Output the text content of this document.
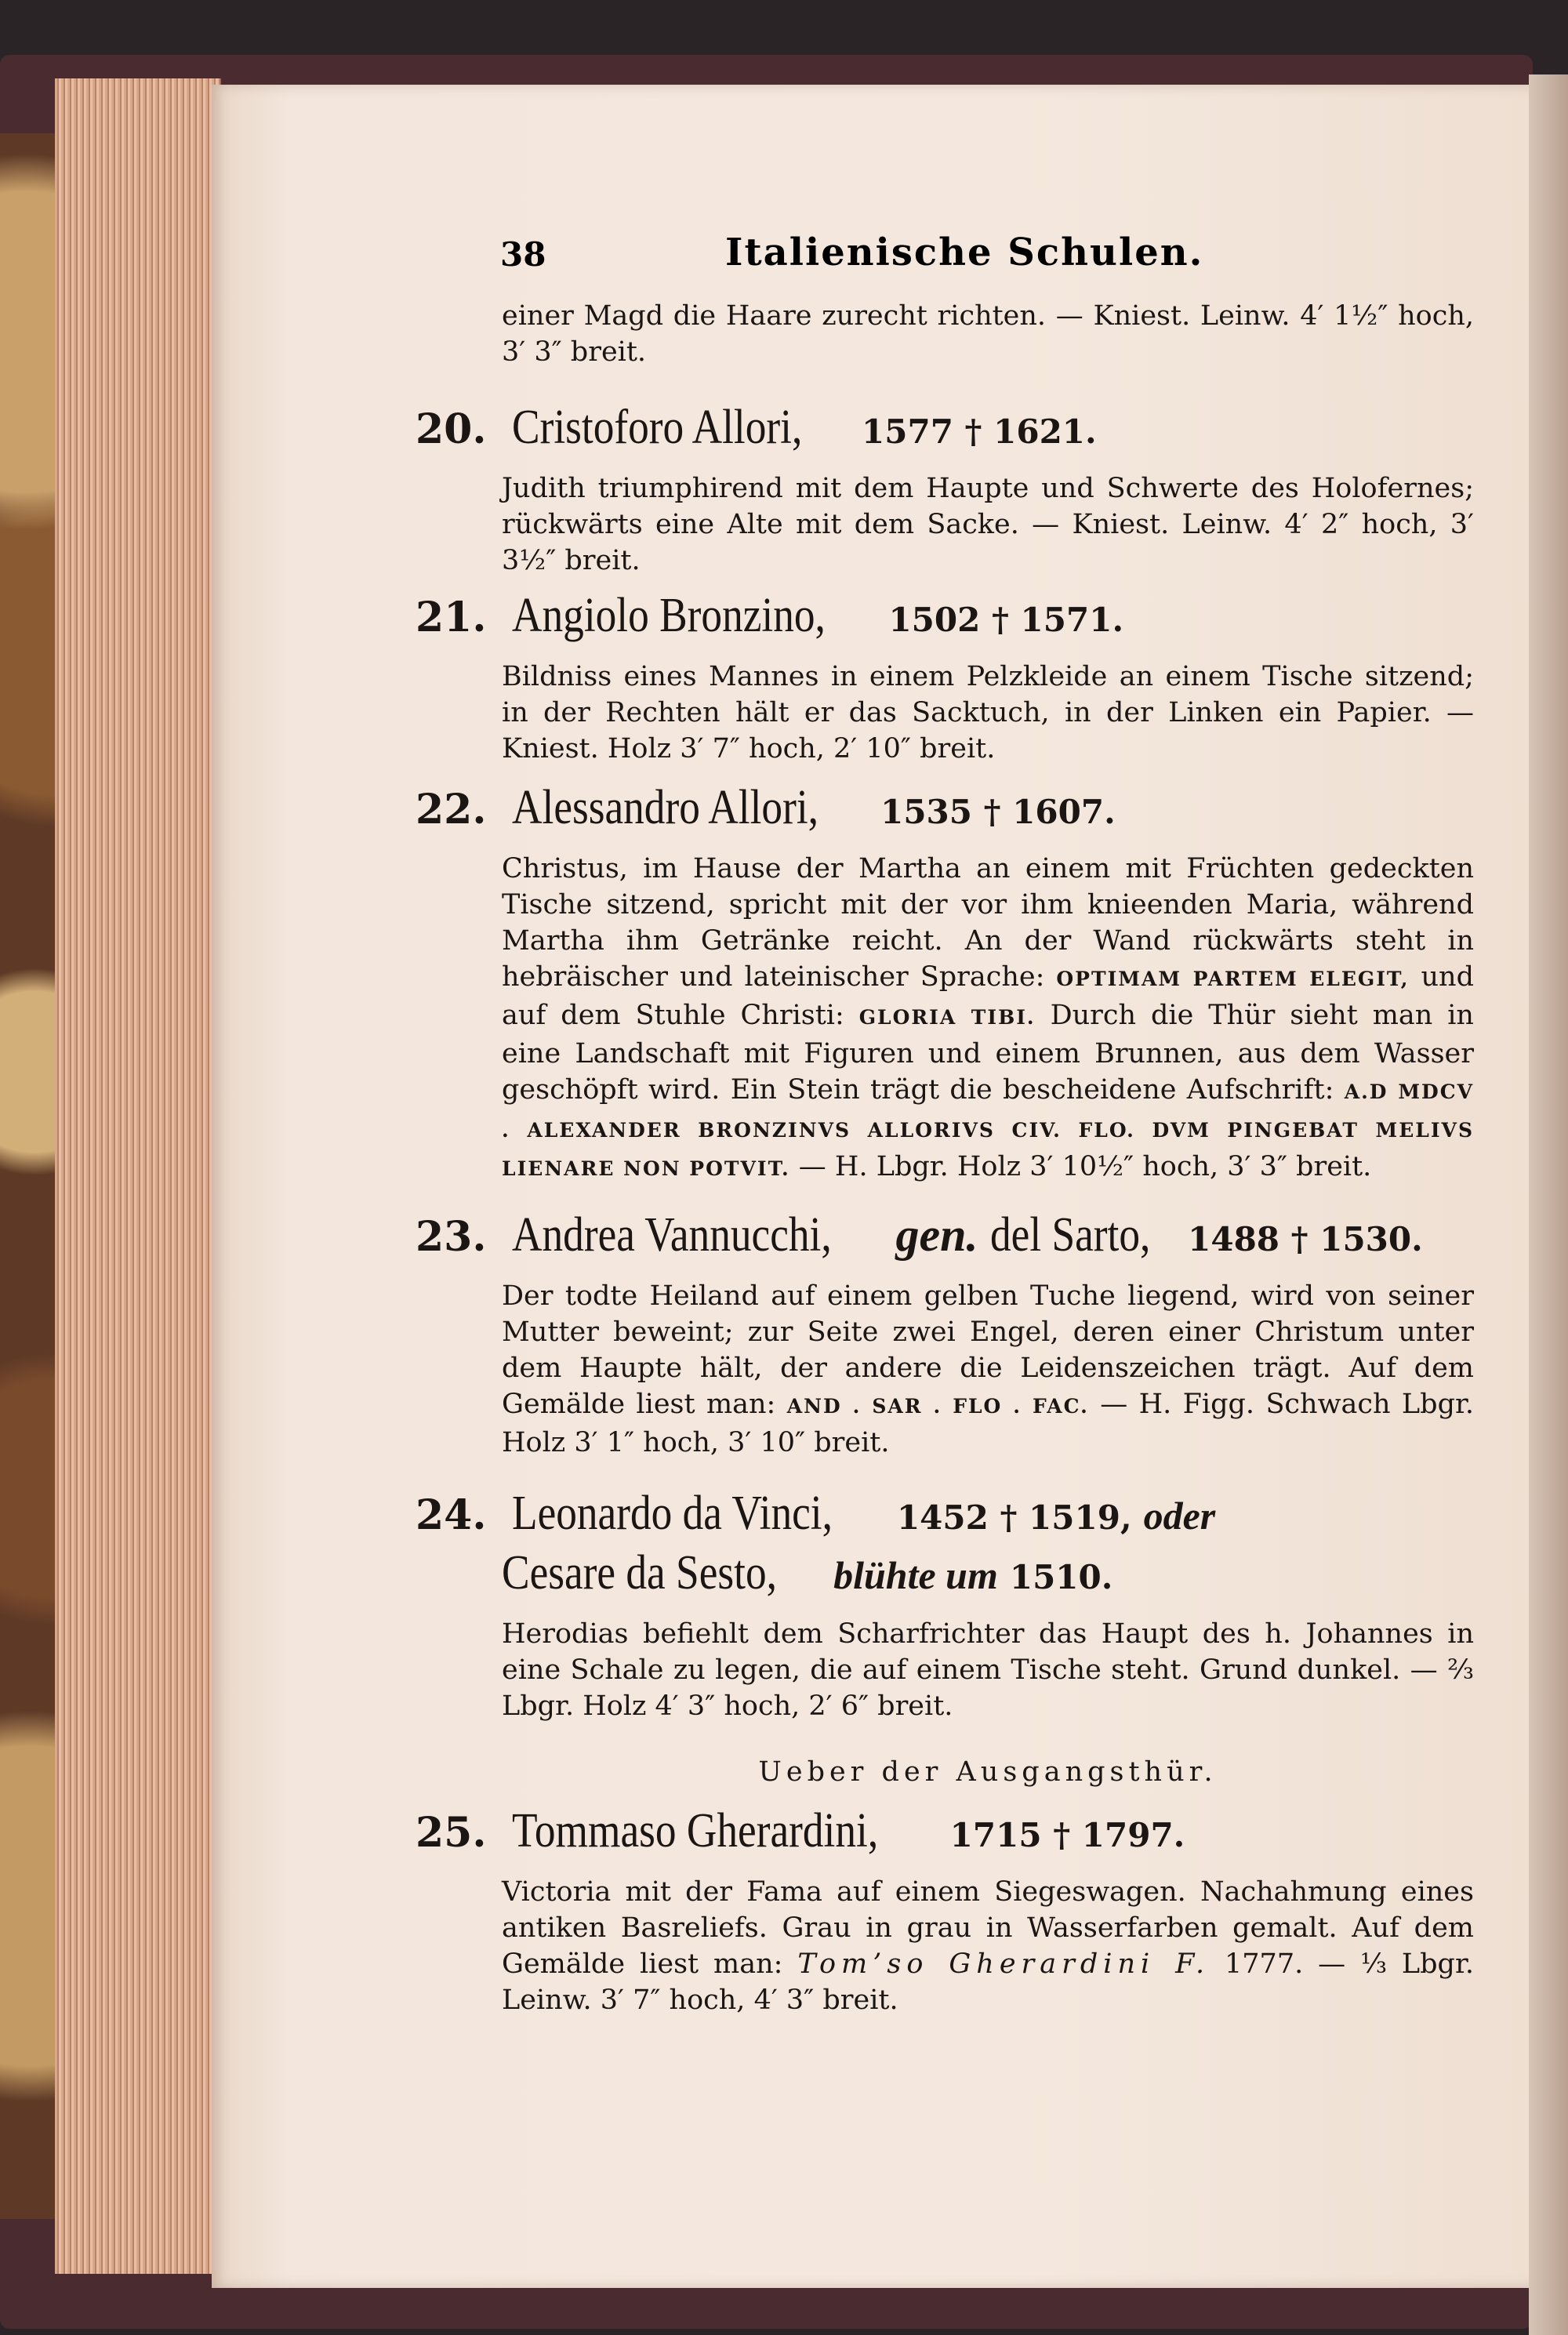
38	Italienische Schulen.
einer Magd die Haare zurecht richten. — Kniest. Leinw. 4′ 1½″ hoch, 3′ 3″ breit.
20. Cristoforo Allori, 1577 † 1621.
Judith triumphirend mit dem Haupte und Schwerte des Holofernes; rückwärts eine Alte mit dem Sacke. — Kniest. Leinw. 4′ 2″ hoch, 3′ 3½″ breit.
21. Angiolo Bronzino, 1502 † 1571.
Bildniss eines Mannes in einem Pelzkleide an einem Tische sitzend; in der Rechten hält er das Sacktuch, in der Linken ein Papier. — Kniest. Holz 3′ 7″ hoch, 2′ 10″ breit.
22. Alessandro Allori, 1535 † 1607.
Christus, im Hause der Martha an einem mit Früchten gedeckten Tische sitzend, spricht mit der vor ihm knieenden Maria, während Martha ihm Getränke reicht. An der Wand rückwärts steht in hebräischer und lateinischer Sprache: OPTIMAM PARTEM ELEGIT, und auf dem Stuhle Christi: GLORIA TIBI. Durch die Thür sieht man in eine Landschaft mit Figuren und einem Brunnen, aus dem Wasser geschöpft wird. Ein Stein trägt die bescheidene Aufschrift: A.D MDCV . ALEXANDER BRONZINVS ALLORIVS CIV. FLO. DVM PINGEBAT MELIVS LIENARE NON POTVIT. — H. Lbgr. Holz 3′ 10½″ hoch, 3′ 3″ breit.
23. Andrea Vannucchi, gen. del Sarto, 1488 † 1530.
Der todte Heiland auf einem gelben Tuche liegend, wird von seiner Mutter beweint; zur Seite zwei Engel, deren einer Christum unter dem Haupte hält, der andere die Leidenszeichen trägt. Auf dem Gemälde liest man: AND . SAR . FLO . FAC. — H. Figg. Schwach Lbgr. Holz 3′ 1″ hoch, 3′ 10″ breit.
24. Leonardo da Vinci, 1452 † 1519, oder Cesare da Sesto, blühte um 1510.
Herodias befiehlt dem Scharfrichter das Haupt des h. Johannes in eine Schale zu legen, die auf einem Tische steht. Grund dunkel. — ⅔ Lbgr. Holz 4′ 3″ hoch, 2′ 6″ breit.
Ueber der Ausgangsthür.
25. Tommaso Gherardini, 1715 † 1797.
Victoria mit der Fama auf einem Siegeswagen. Nachahmung eines antiken Basreliefs. Grau in grau in Wasserfarben gemalt. Auf dem Gemälde liest man: Tom’so Gherardini F. 1777. — ⅓ Lbgr. Leinw. 3′ 7″ hoch, 4′ 3″ breit.
